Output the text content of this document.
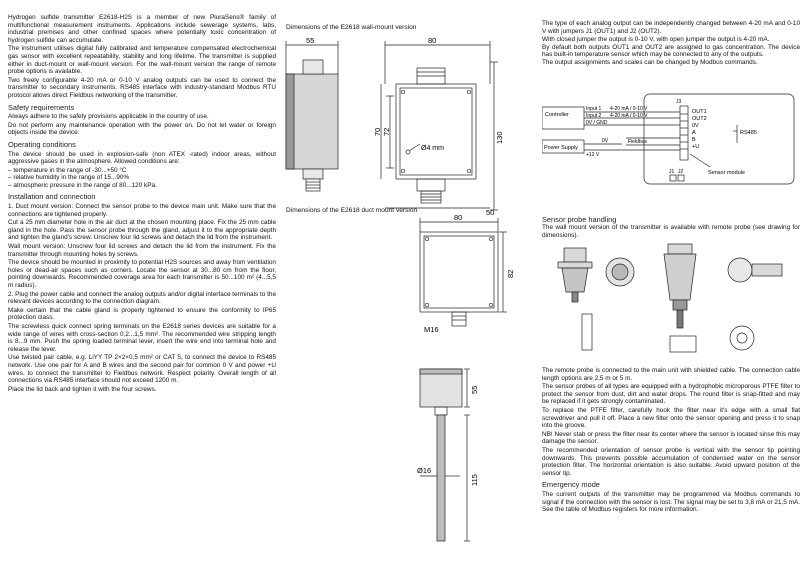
Hydrogen sulfide transmitter E2618-H2S is a member of new PluraSens® family of multifunctional measurement instruments. Applications include sewerage systems, labs, industrial premises and other confined spaces where potentially toxic concentration of hydrogen sulfide can accumulate.

The instrument utilises digital fully calibrated and temperature compensated electrochemical gas sensor with excellent repeatability, stability and long lifetime. The transmitter is supplied either in duct-mount or wall-mount version. For the wall-mount version the range of remote probe options is available.

Two freely configurable 4-20 mA or 0-10 V analog outputs can be used to connect the transmitter to secondary instruments. RS485 interface with industry-standard Modbus RTU protocol allows direct Fieldbus networking of the transmitter.

Safety requirements

Always adhere to the safety provisions applicable in the country of use.

Do not perform any maintenance operation with the power on. Do not let water or foreign objects inside the device.

Operating conditions

The device should be used in explosion-safe (non ATEX -rated) indoor areas, without aggressive gases in the atmosphere. Allowed conditions are:

– temperature in the range of -30...+50 °C

– relative humidity in the range of 15...90%

– atmospheric pressure in the range of 80...120 kPa.

Installation and connection

1. Duct mount version: Connect the sensor probe to the device main unit. Make sure that the connections are tightened properly.

Cut a 25 mm diameter hole in the air duct at the chosen mounting place. Fix the 25 mm cable gland in the hole. Pass the sensor probe through the gland, adjust it to the appropriate depth and tighten the gland's screw. Unscrew four lid screws and detach the lid from the instrument.

Wall mount version: Unscrew four lid screws and detach the lid from the instrument. Fix the transmitter through mounting holes by screws.

The device should be mounted in proximity to potential H2S sources and away from ventilation holes or dead-air spaces such as corners. Locate the sensor at 30...80 cm from the floor, pointing downwards. Recommended coverage area for each transmitter is 50...100 m² (4...5,5 m radius).

2. Plug the power cable and connect the analog outputs and/or digital interface terminals to the relevant devices according to the connection diagram.

Make certain that the cable gland is properly tightened to ensure the conformity to IP65 protection class.

The screwless quick connect spring terminals on the E2618 series devices are suitable for a wide range of wires with cross-section 0,2...1,5 mm². The recommended wire stripping length is 8...9 mm. Push the spring loaded terminal lever, insert the wire end into terminal hole and release the lever.

Use twisted pair cable, e.g. LiYY TP 2×2×0,5 mm² or CAT 5, to connect the device to RS485 network. Use one pair for A and B wires and the second pair for common 0 V and power +U wires. to connect the transmitter to Fieldbus network. Respect polarity. Overall length of all connections via RS485 interface should not exceed 1200 m.

Place the lid back and tighten it with the four screws.

Dimensions of the E2618 wall-mount version
55	80
70 72	130
Ø4 mm
50
Dimensions of the E2618 duct mount version
80
82
M16
55
Ø16
115

The type of each analog output can be independently changed between 4-20 mA and 0-10 V with jumpers J1 (OUT1) and J2 (OUT2).

With closed jumper the output is 0-10 V, with open jumper the output is 4-20 mA.

By default both outputs OUT1 and OUT2 are assigned to gas concentration. The device has built-in temperature sensor which may be connected to any of the outputs.

The output assignments and scales can be changed by Modbus commands.

Controller
Input 1
Input 2
4-20 mA / 0-10 V
4-20 mA / 0-10 V
0V / GND
Fieldbus
Power Supply
0V
+12 V
OUT1
OUT2
0V
A
B
+U
RS485
Sensor module
J1 J2
J3
Sensor probe handling

The wall mount version of the transmitter is available with remote probe (see drawing for dimensions).

The remote probe is connected to the main unit with shielded cable. The connection cable length options are 2,5 m or 5 m.

The sensor probes of all types are equipped with a hydrophobic microporous PTFE filter to protect the sensor from dust, dirt and water drops. The round filter is snap-fitted and may be replaced if it gets strongly contaminated.

To replace the PTFE filter, carefully hook the filter near it's edge with a small flat screwdriver and pull it off. Place a new filter onto the sensor opening and press it to snap into the groove.

NB! Never stab or press the filter near its center where the sensor is located sinse this may damage the sensor.

The recommended orientation of sensor probe is vertical with the sensor tip pointing downwards. This prevents possible accumulation of condensed water on the sensor protection filter. The horizontal orientation is also suitable. Avoid upward position of the sensor tip.

Emergency mode

The current outputs of the transmitter may be programmed via Modbus commands to signal if the connection with the sensor is lost. The signal may be set to 3,8 mA or 21,5 mA. See the table of Modbus registers for more information.
